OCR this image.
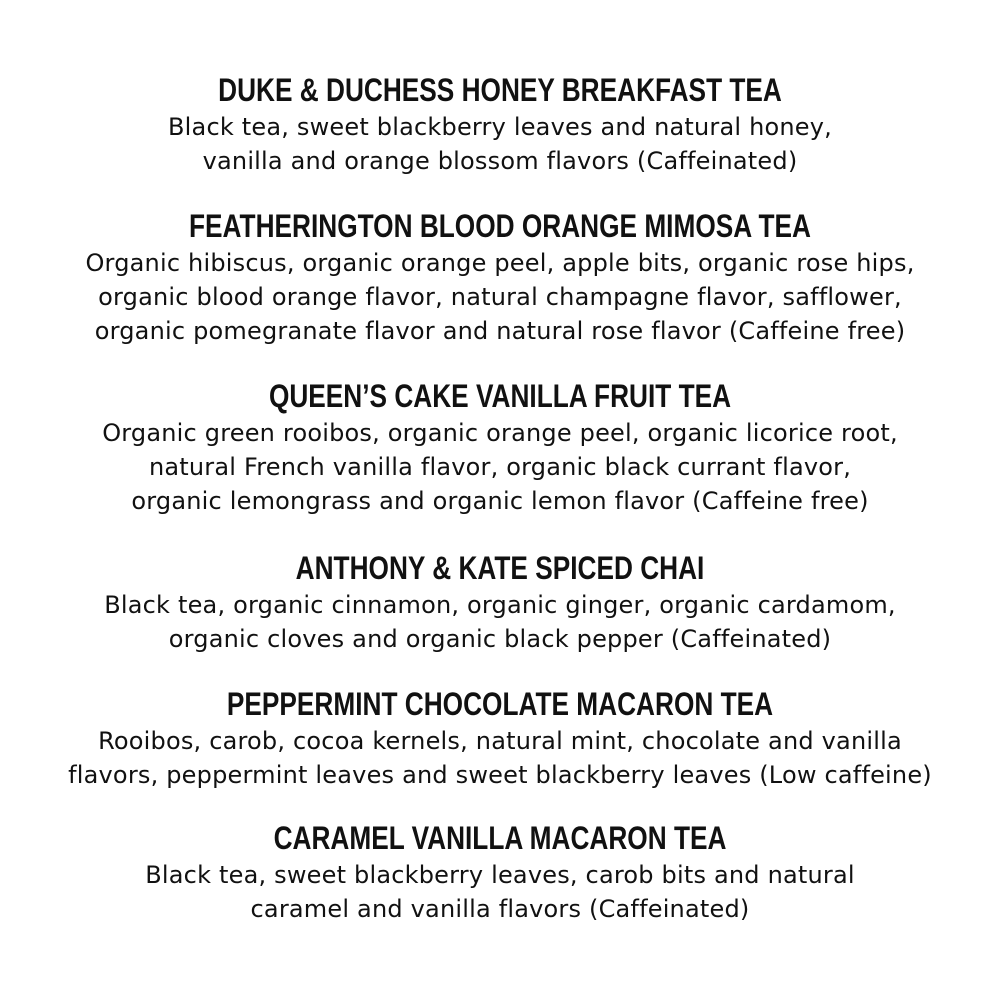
DUKE & DUCHESS HONEY BREAKFAST TEA

Black tea, sweet blackberry leaves and natural honey,
vanilla and orange blossom flavors (Caffeinated)

FEATHERINGTON BLOOD ORANGE MIMOSA TEA

Organic hibiscus, organic orange peel, apple bits, organic rose hips,
organic blood orange flavor, natural champagne flavor, safflower,
organic pomegranate flavor and natural rose flavor (Caffeine free)

QUEEN’S CAKE VANILLA FRUIT TEA

Organic green rooibos, organic orange peel, organic licorice root,
natural French vanilla flavor, organic black currant flavor,
organic lemongrass and organic lemon flavor (Caffeine free)

ANTHONY & KATE SPICED CHAI

Black tea, organic cinnamon, organic ginger, organic cardamom,
organic cloves and organic black pepper (Caffeinated)

PEPPERMINT CHOCOLATE MACARON TEA

Rooibos, carob, cocoa kernels, natural mint, chocolate and vanilla
flavors, peppermint leaves and sweet blackberry leaves (Low caffeine)

CARAMEL VANILLA MACARON TEA

Black tea, sweet blackberry leaves, carob bits and natural
caramel and vanilla flavors (Caffeinated)
